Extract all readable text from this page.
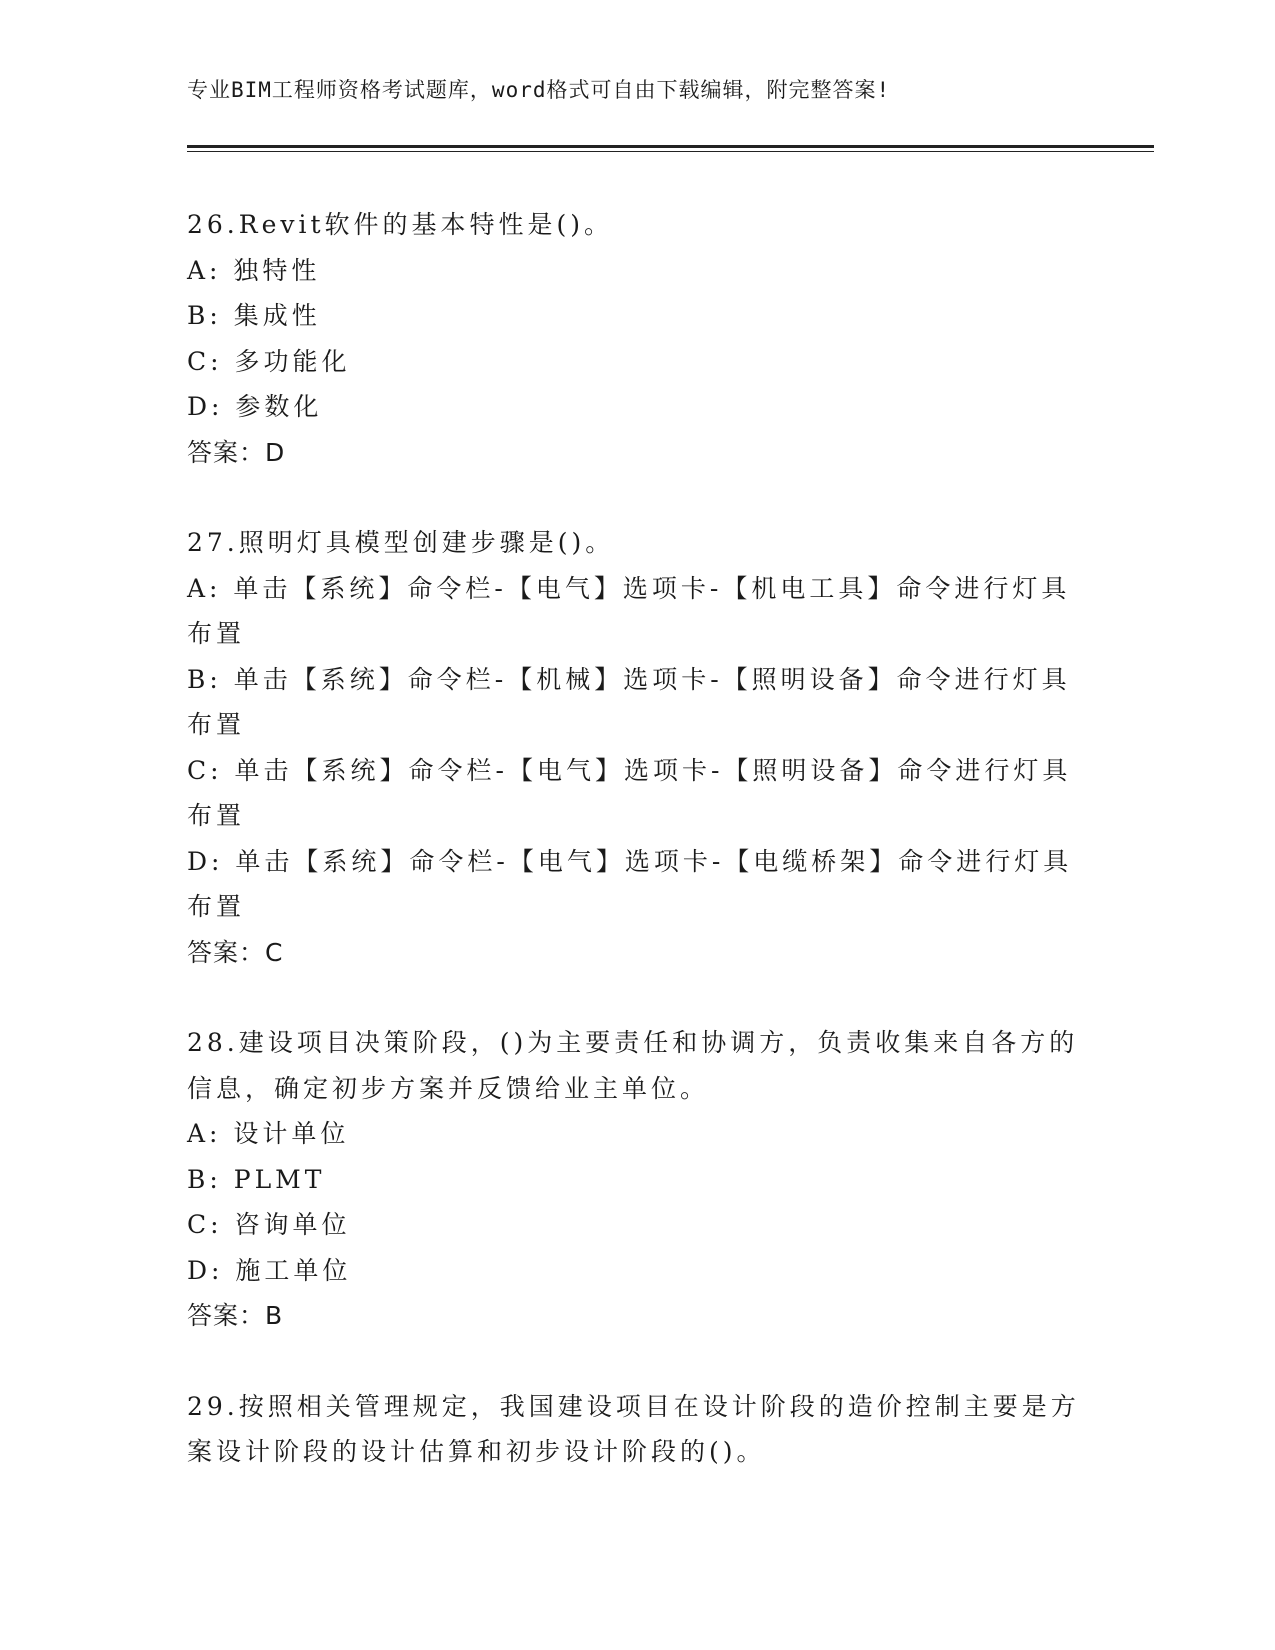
专业BIM工程师资格考试题库，word格式可自由下载编辑，附完整答案!

26.Revit软件的基本特性是()。

A: 独特性

B: 集成性

C: 多功能化

D: 参数化

答案：D

27.照明灯具模型创建步骤是()。

A: 单击【系统】命令栏-【电气】选项卡-【机电工具】命令进行灯具布置

B: 单击【系统】命令栏-【机械】选项卡-【照明设备】命令进行灯具布置

C: 单击【系统】命令栏-【电气】选项卡-【照明设备】命令进行灯具布置

D: 单击【系统】命令栏-【电气】选项卡-【电缆桥架】命令进行灯具布置

答案：C

28.建设项目决策阶段，()为主要责任和协调方，负责收集来自各方的信息，确定初步方案并反馈给业主单位。

A: 设计单位

B: PLMT

C: 咨询单位

D: 施工单位

答案：B

29.按照相关管理规定，我国建设项目在设计阶段的造价控制主要是方案设计阶段的设计估算和初步设计阶段的()。
